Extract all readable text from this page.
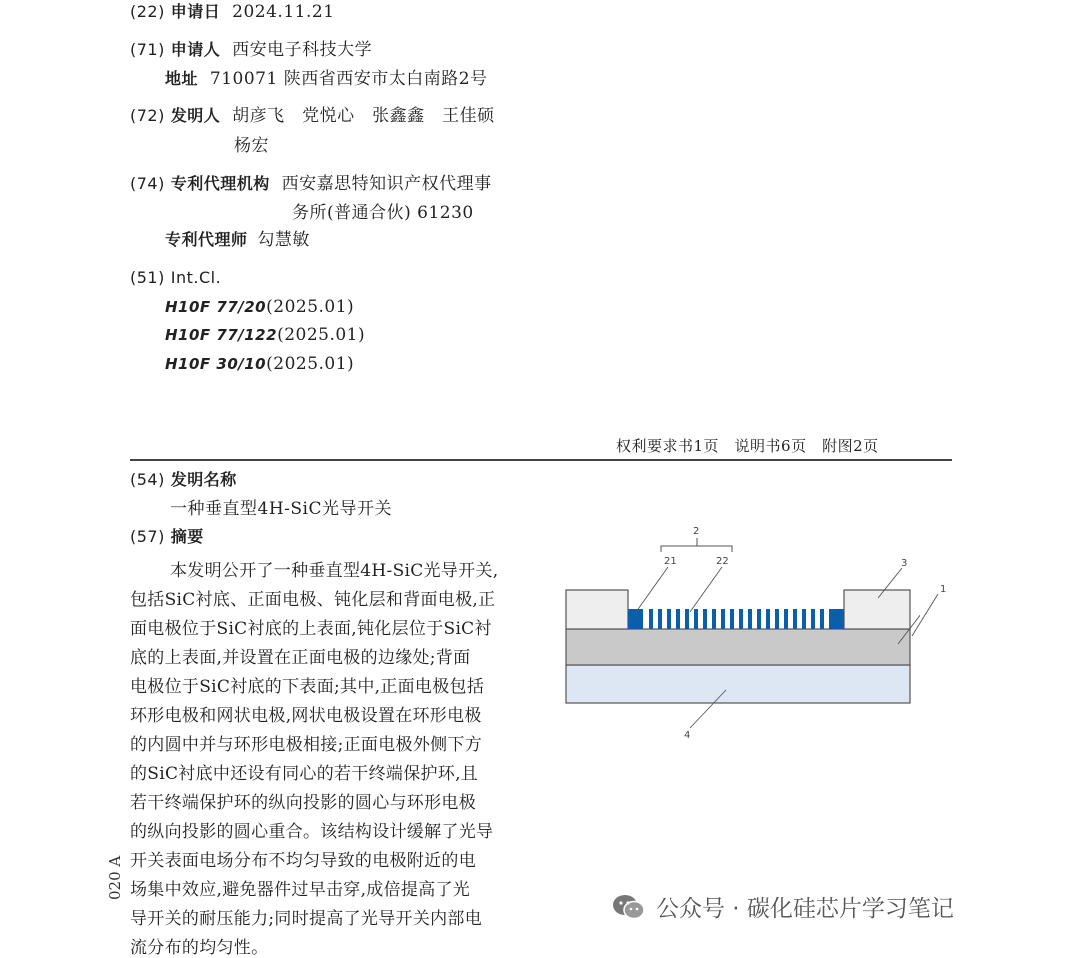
(22) 申请日 2024.11.21
(71) 申请人 西安电子科技大学
地址 710071 陕西省西安市太白南路2号
(72) 发明人 胡彦飞　党悦心　张鑫鑫　王佳硕
杨宏
(74) 专利代理机构 西安嘉思特知识产权代理事
务所(普通合伙) 61230
专利代理师 勾慧敏
(51) Int.Cl.
H10F 77/20(2025.01)
H10F 77/122(2025.01)
H10F 30/10(2025.01)
权利要求书1页　说明书6页　附图2页
(54) 发明名称
一种垂直型4H-SiC光导开关
(57) 摘要
本发明公开了一种垂直型4H-SiC光导开关,
包括SiC衬底、正面电极、钝化层和背面电极,正
面电极位于SiC衬底的上表面,钝化层位于SiC衬
底的上表面,并设置在正面电极的边缘处;背面
电极位于SiC衬底的下表面;其中,正面电极包括
环形电极和网状电极,网状电极设置在环形电极
的内圆中并与环形电极相接;正面电极外侧下方
的SiC衬底中还设有同心的若干终端保护环,且
若干终端保护环的纵向投影的圆心与环形电极
的纵向投影的圆心重合。该结构设计缓解了光导
开关表面电场分布不均匀导致的电极附近的电
场集中效应,避免器件过早击穿,成倍提高了光
导开关的耐压能力;同时提高了光导开关内部电
流分布的均匀性。
2
21	22	3
4
1
020 A
公众号 · 碳化硅芯片学习笔记
